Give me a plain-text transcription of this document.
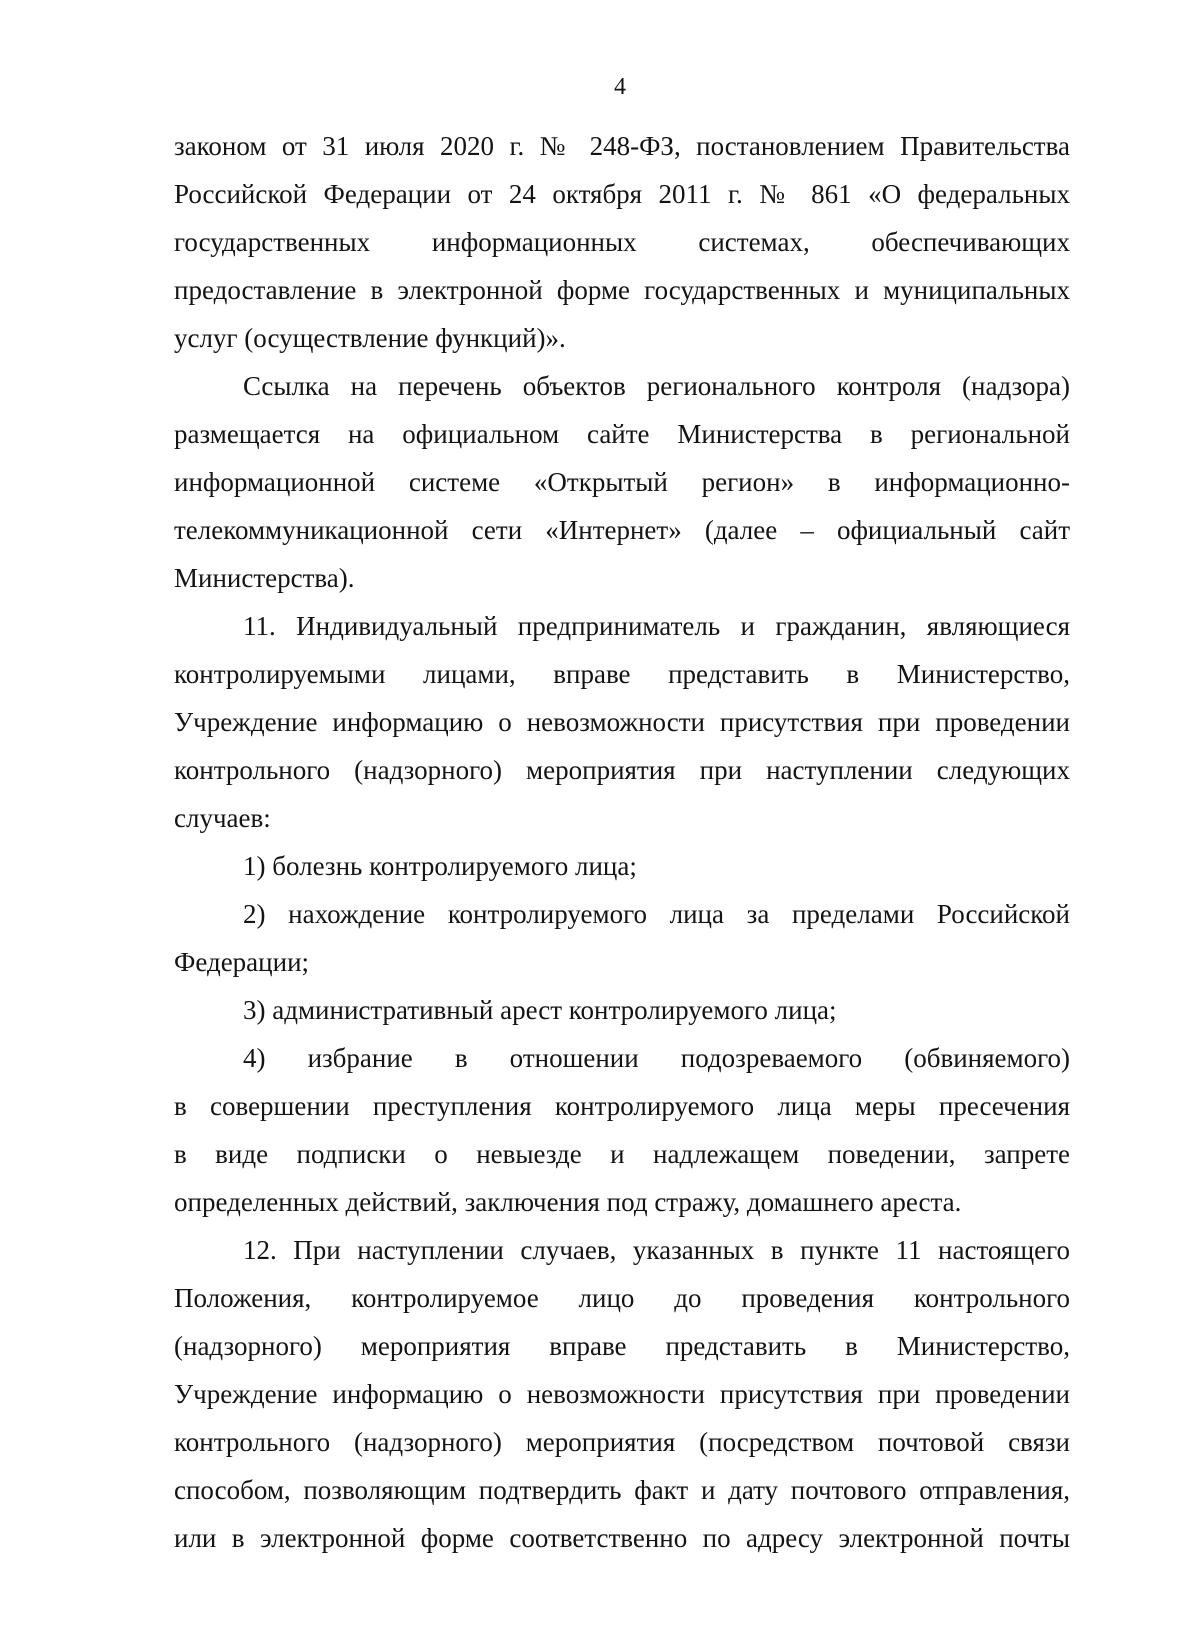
4
законом от 31 июля 2020 г. № 248-ФЗ, постановлением Правительства
Российской Федерации от 24 октября 2011 г. № 861 «О федеральных
государственных информационных системах, обеспечивающих
предоставление в электронной форме государственных и муниципальных
услуг (осуществление функций)».
Ссылка на перечень объектов регионального контроля (надзора)
размещается на официальном сайте Министерства в региональной
информационной системе «Открытый регион» в информационно-
телекоммуникационной сети «Интернет» (далее – официальный сайт
Министерства).
11. Индивидуальный предприниматель и гражданин, являющиеся
контролируемыми лицами, вправе представить в Министерство,
Учреждение информацию о невозможности присутствия при проведении
контрольного (надзорного) мероприятия при наступлении следующих
случаев:
1) болезнь контролируемого лица;
2) нахождение контролируемого лица за пределами Российской
Федерации;
3) административный арест контролируемого лица;
4) избрание в отношении подозреваемого (обвиняемого)
в совершении преступления контролируемого лица меры пресечения
в виде подписки о невыезде и надлежащем поведении, запрете
определенных действий, заключения под стражу, домашнего ареста.
12. При наступлении случаев, указанных в пункте 11 настоящего
Положения, контролируемое лицо до проведения контрольного
(надзорного) мероприятия вправе представить в Министерство,
Учреждение информацию о невозможности присутствия при проведении
контрольного (надзорного) мероприятия (посредством почтовой связи
способом, позволяющим подтвердить факт и дату почтового отправления,
или в электронной форме соответственно по адресу электронной почты
